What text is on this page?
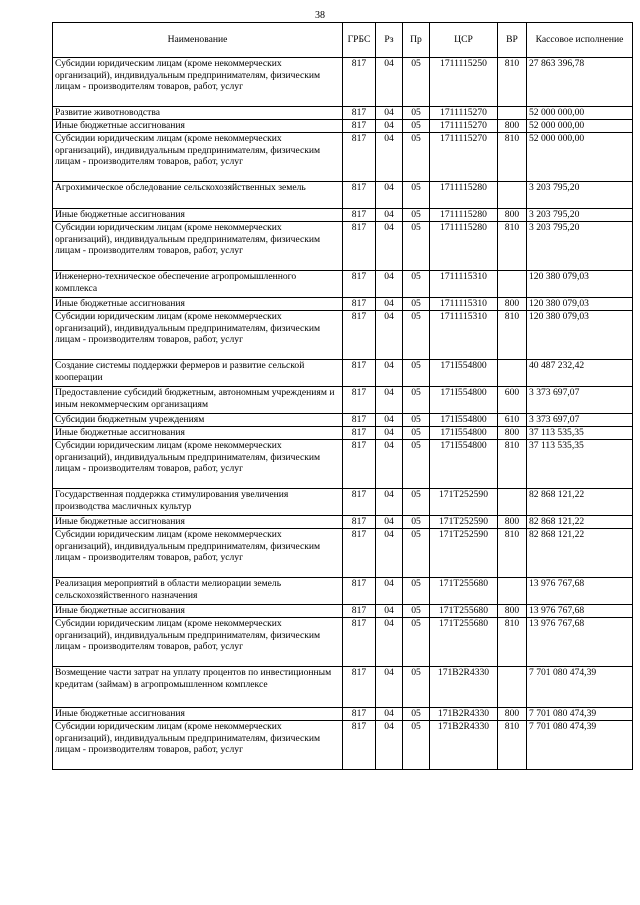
38
Наименование	ГРБС	Рз	Пр	ЦСР	ВР	Кассовое исполнение
Субсидии юридическим лицам (кроме некоммерческих организаций), индивидуальным предпринимателям, физическим лицам - производителям товаров, работ, услуг	817	04	05	1711115250	810	27 863 396,78
Развитие животноводства	817	04	05	1711115270		52 000 000,00
Иные бюджетные ассигнования	817	04	05	1711115270	800	52 000 000,00
Субсидии юридическим лицам (кроме некоммерческих организаций), индивидуальным предпринимателям, физическим лицам - производителям товаров, работ, услуг	817	04	05	1711115270	810	52 000 000,00
Агрохимическое обследование сельскохозяйственных земель	817	04	05	1711115280		3 203 795,20
Иные бюджетные ассигнования	817	04	05	1711115280	800	3 203 795,20
Субсидии юридическим лицам (кроме некоммерческих организаций), индивидуальным предпринимателям, физическим лицам - производителям товаров, работ, услуг	817	04	05	1711115280	810	3 203 795,20
Инженерно-техническое обеспечение агропромышленного комплекса	817	04	05	1711115310		120 380 079,03
Иные бюджетные ассигнования	817	04	05	1711115310	800	120 380 079,03
Субсидии юридическим лицам (кроме некоммерческих организаций), индивидуальным предпринимателям, физическим лицам - производителям товаров, работ, услуг	817	04	05	1711115310	810	120 380 079,03
Создание системы поддержки фермеров и развитие сельской кооперации	817	04	05	171I554800		40 487 232,42
Предоставление субсидий бюджетным, автономным учреждениям и иным некоммерческим организациям	817	04	05	171I554800	600	3 373 697,07
Субсидии бюджетным учреждениям	817	04	05	171I554800	610	3 373 697,07
Иные бюджетные ассигнования	817	04	05	171I554800	800	37 113 535,35
Субсидии юридическим лицам (кроме некоммерческих организаций), индивидуальным предпринимателям, физическим лицам - производителям товаров, работ, услуг	817	04	05	171I554800	810	37 113 535,35
Государственная поддержка стимулирования увеличения производства масличных культур	817	04	05	171T252590		82 868 121,22
Иные бюджетные ассигнования	817	04	05	171T252590	800	82 868 121,22
Субсидии юридическим лицам (кроме некоммерческих организаций), индивидуальным предпринимателям, физическим лицам - производителям товаров, работ, услуг	817	04	05	171T252590	810	82 868 121,22
Реализация мероприятий в области мелиорации земель сельскохозяйственного назначения	817	04	05	171T255680		13 976 767,68
Иные бюджетные ассигнования	817	04	05	171T255680	800	13 976 767,68
Субсидии юридическим лицам (кроме некоммерческих организаций), индивидуальным предпринимателям, физическим лицам - производителям товаров, работ, услуг	817	04	05	171T255680	810	13 976 767,68
Возмещение части затрат на уплату процентов по инвестиционным кредитам (займам) в агропромышленном комплексе	817	04	05	171B2R4330		7 701 080 474,39
Иные бюджетные ассигнования	817	04	05	171B2R4330	800	7 701 080 474,39
Субсидии юридическим лицам (кроме некоммерческих организаций), индивидуальным предпринимателям, физическим лицам - производителям товаров, работ, услуг	817	04	05	171B2R4330	810	7 701 080 474,39
